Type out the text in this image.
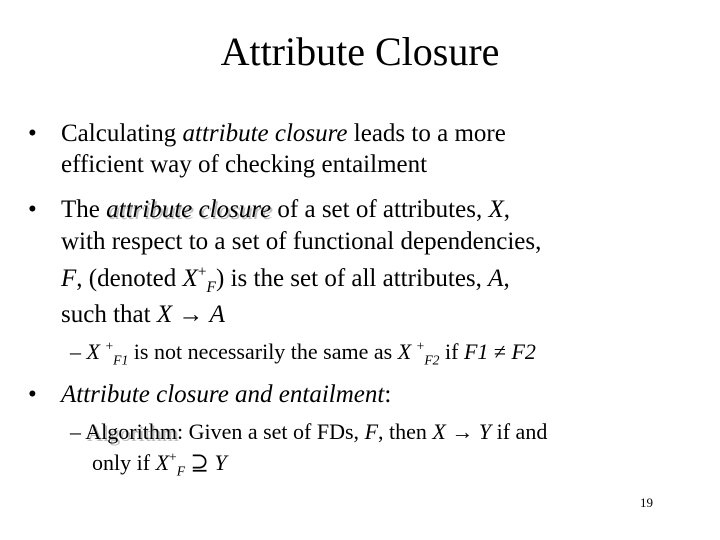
Attribute Closure
• Calculating attribute closure leads to a more
efficient way of checking entailment
• The attribute closure of a set of attributes, X,
with respect to a set of functional dependencies,
F, (denoted $X^+_F$) is the set of all attributes, A,
such that X → A
– X +$_{F1}$ is not necessarily the same as X +$_{F2}$ if F1 ≠ F2
• Attribute closure and entailment:
– Algorithm: Given a set of FDs, F, then X → Y if and
only if $X^+_F$ ⊇ Y
19
